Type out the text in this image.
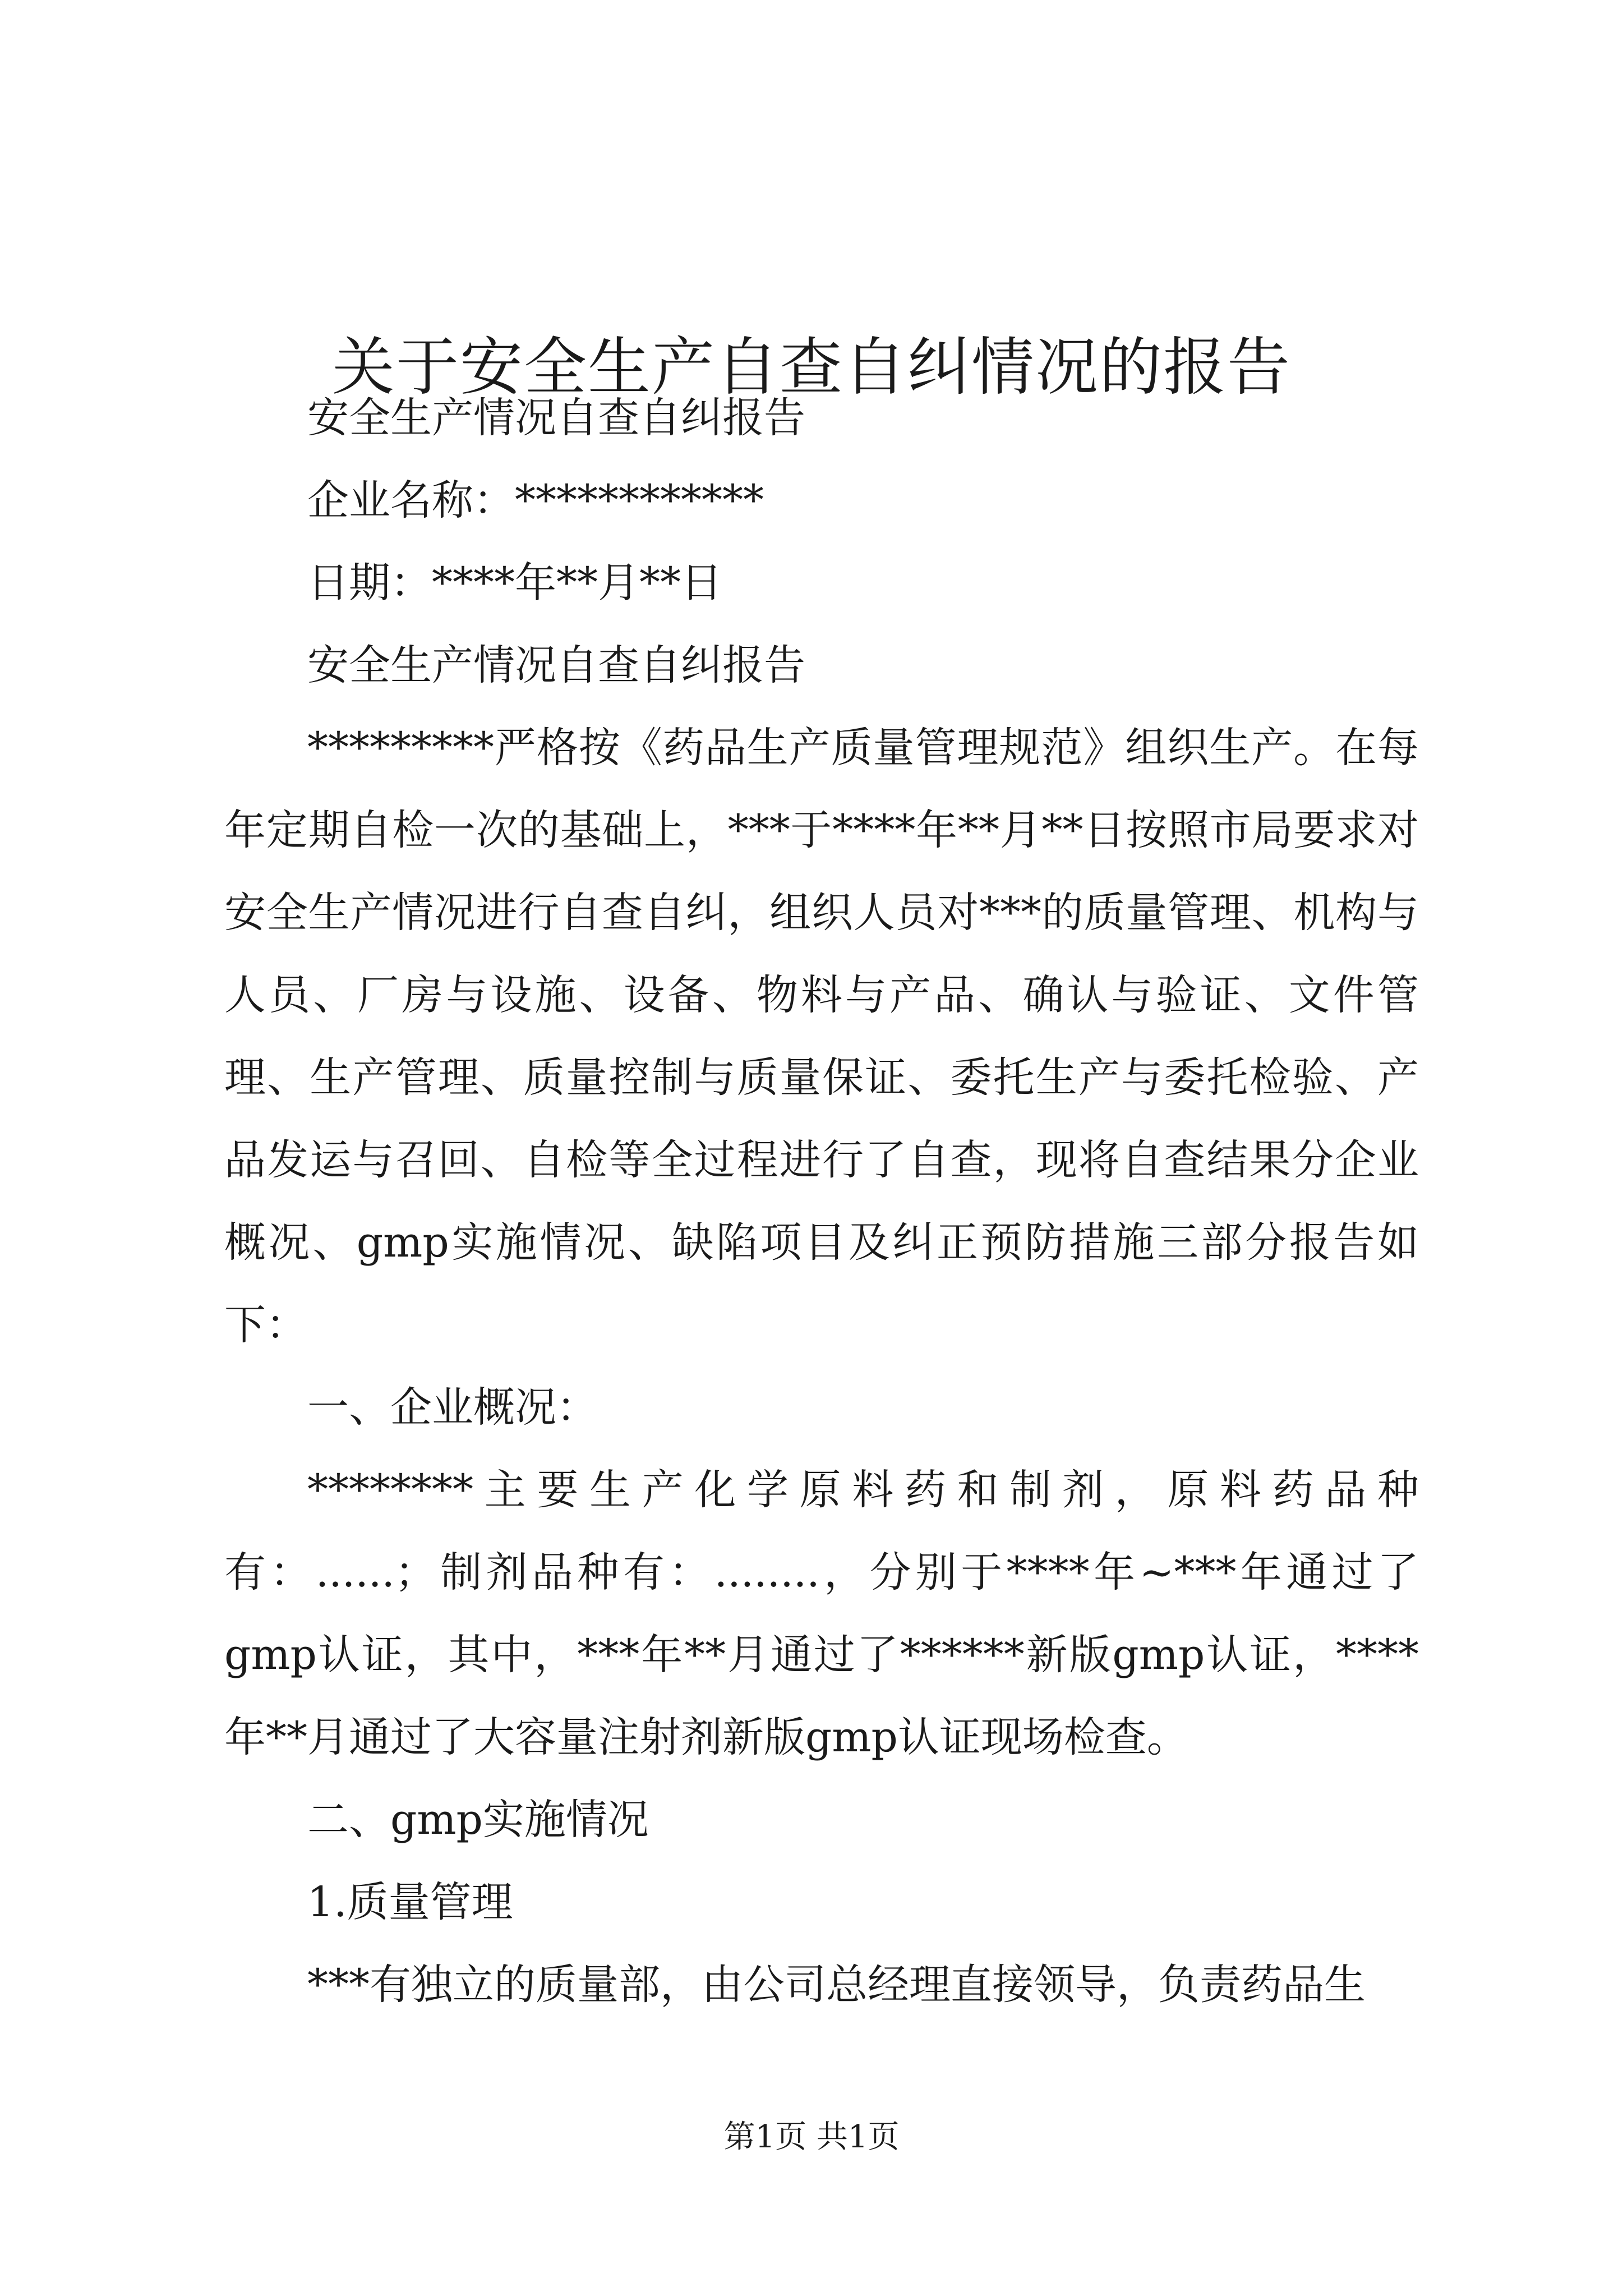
关于安全生产自查自纠情况的报告

安全生产情况自查自纠报告

企业名称：************

日期：****年**月**日

安全生产情况自查自纠报告

*********严格按《药品生产质量管理规范》组织生产。在每年定期自检一次的基础上，***于****年**月**日按照市局要求对安全生产情况进行自查自纠，组织人员对***的质量管理、机构与人员、厂房与设施、设备、物料与产品、确认与验证、文件管理、生产管理、质量控制与质量保证、委托生产与委托检验、产品发运与召回、自检等全过程进行了自查，现将自查结果分企业概况、gmp实施情况、缺陷项目及纠正预防措施三部分报告如下：

一、企业概况：

********主要生产化学原料药和制剂，原料药品种有：......；制剂品种有：........，分别于****年~***年通过了gmp认证，其中，***年**月通过了******新版gmp认证，****年**月通过了大容量注射剂新版gmp认证现场检查。

二、gmp实施情况

1.质量管理

***有独立的质量部，由公司总经理直接领导，负责药品生

第1页 共1页
